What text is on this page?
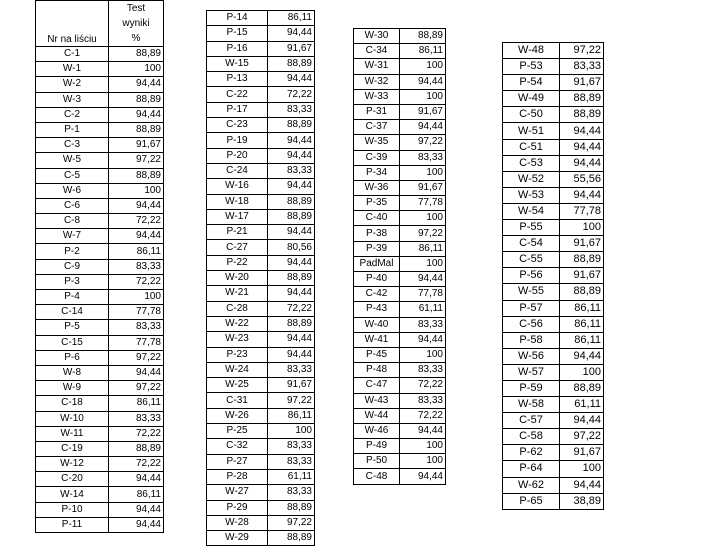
Nr na liściu	Test
wyniki
%

C-1	88,89
W-1	100
W-2	94,44
W-3	88,89
C-2	94,44
P-1	88,89
C-3	91,67
W-5	97,22
C-5	88,89
W-6	100
C-6	94,44
C-8	72,22
W-7	94,44
P-2	86,11
C-9	83,33
P-3	72,22
P-4	100
C-14	77,78
P-5	83,33
C-15	77,78
P-6	97,22
W-8	94,44
W-9	97,22
C-18	86,11
W-10	83,33
W-11	72,22
C-19	88,89
W-12	72,22
C-20	94,44
W-14	86,11
P-10	94,44
P-11	94,44
P-14	86,11
P-15	94,44
P-16	91,67
W-15	88,89
P-13	94,44
C-22	72,22
P-17	83,33
C-23	88,89
P-19	94,44
P-20	94,44
C-24	83,33
W-16	94,44
W-18	88,89
W-17	88,89
P-21	94,44
C-27	80,56
P-22	94,44
W-20	88,89
W-21	94,44
C-28	72,22
W-22	88,89
W-23	94,44
P-23	94,44
W-24	83,33
W-25	91,67
C-31	97,22
W-26	86,11
P-25	100
C-32	83,33
P-27	83,33
P-28	61,11
W-27	83,33
P-29	88,89
W-28	97,22
W-29	88,89
W-30	88,89
C-34	86,11
W-31	100
W-32	94,44
W-33	100
P-31	91,67
C-37	94,44
W-35	97,22
C-39	83,33
P-34	100
W-36	91,67
P-35	77,78
C-40	100
P-38	97,22
P-39	86,11
PadMal	100
P-40	94,44
C-42	77,78
P-43	61,11
W-40	83,33
W-41	94,44
P-45	100
P-48	83,33
C-47	72,22
W-43	83,33
W-44	72,22
W-46	94,44
P-49	100
P-50	100
C-48	94,44
W-48	97,22
P-53	83,33
P-54	91,67
W-49	88,89
C-50	88,89
W-51	94,44
C-51	94,44
C-53	94,44
W-52	55,56
W-53	94,44
W-54	77,78
P-55	100
C-54	91,67
C-55	88,89
P-56	91,67
W-55	88,89
P-57	86,11
C-56	86,11
P-58	86,11
W-56	94,44
W-57	100
P-59	88,89
W-58	61,11
C-57	94,44
C-58	97,22
P-62	91,67
P-64	100
W-62	94,44
P-65	38,89
